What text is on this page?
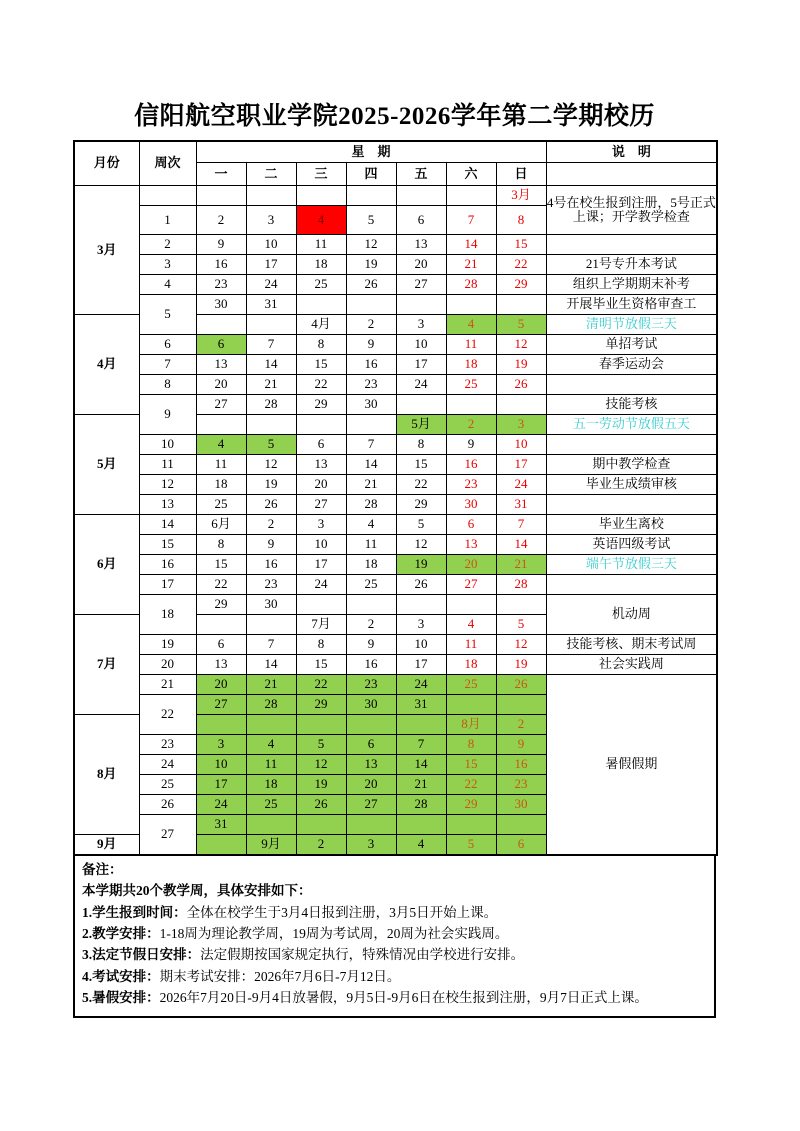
信阳航空职业学院2025-2026学年第二学期校历
月份	周次	星　期							说　明
		一	二	三	四	五	六	日	
3月								3月	4号在校生报到注册，5号正式上课；开学教学检查
	1	2	3	4	5	6	7	8	
	2	9	10	11	12	13	14	15	
	3	16	17	18	19	20	21	22	21号专升本考试
	4	23	24	25	26	27	28	29	组织上学期期末补考
	5	30	31						开展毕业生资格审查工
4月				4月	2	3	4	5	清明节放假三天
	6	6	7	8	9	10	11	12	单招考试
	7	13	14	15	16	17	18	19	春季运动会
	8	20	21	22	23	24	25	26	
	9	27	28	29	30				技能考核
5月						5月	2	3	五一劳动节放假五天
	10	4	5	6	7	8	9	10	
	11	11	12	13	14	15	16	17	期中教学检查
	12	18	19	20	21	22	23	24	毕业生成绩审核
	13	25	26	27	28	29	30	31	
6月	14	6月	2	3	4	5	6	7	毕业生离校
	15	8	9	10	11	12	13	14	英语四级考试
	16	15	16	17	18	19	20	21	端午节放假三天
	17	22	23	24	25	26	27	28	
	18	29	30						机动周
7月				7月	2	3	4	5	
	19	6	7	8	9	10	11	12	技能考核、期末考试周
	20	13	14	15	16	17	18	19	社会实践周
	21	20	21	22	23	24	25	26	暑假假期
	22	27	28	29	30	31			
8月							8月	2	
	23	3	4	5	6	7	8	9	
	24	10	11	12	13	14	15	16	
	25	17	18	19	20	21	22	23	
	26	24	25	26	27	28	29	30	
	27	31							
9月			9月	2	3	4	5	6	
备注：
本学期共20个教学周，具体安排如下：
1.学生报到时间：全体在校学生于3月4日报到注册，3月5日开始上课。
2.教学安排：1-18周为理论教学周，19周为考试周，20周为社会实践周。
3.法定节假日安排：法定假期按国家规定执行，特殊情况由学校进行安排。
4.考试安排：期末考试安排：2026年7月6日-7月12日。
5.暑假安排：2026年7月20日-9月4日放暑假，9月5日-9月6日在校生报到注册，9月7日正式上课。
